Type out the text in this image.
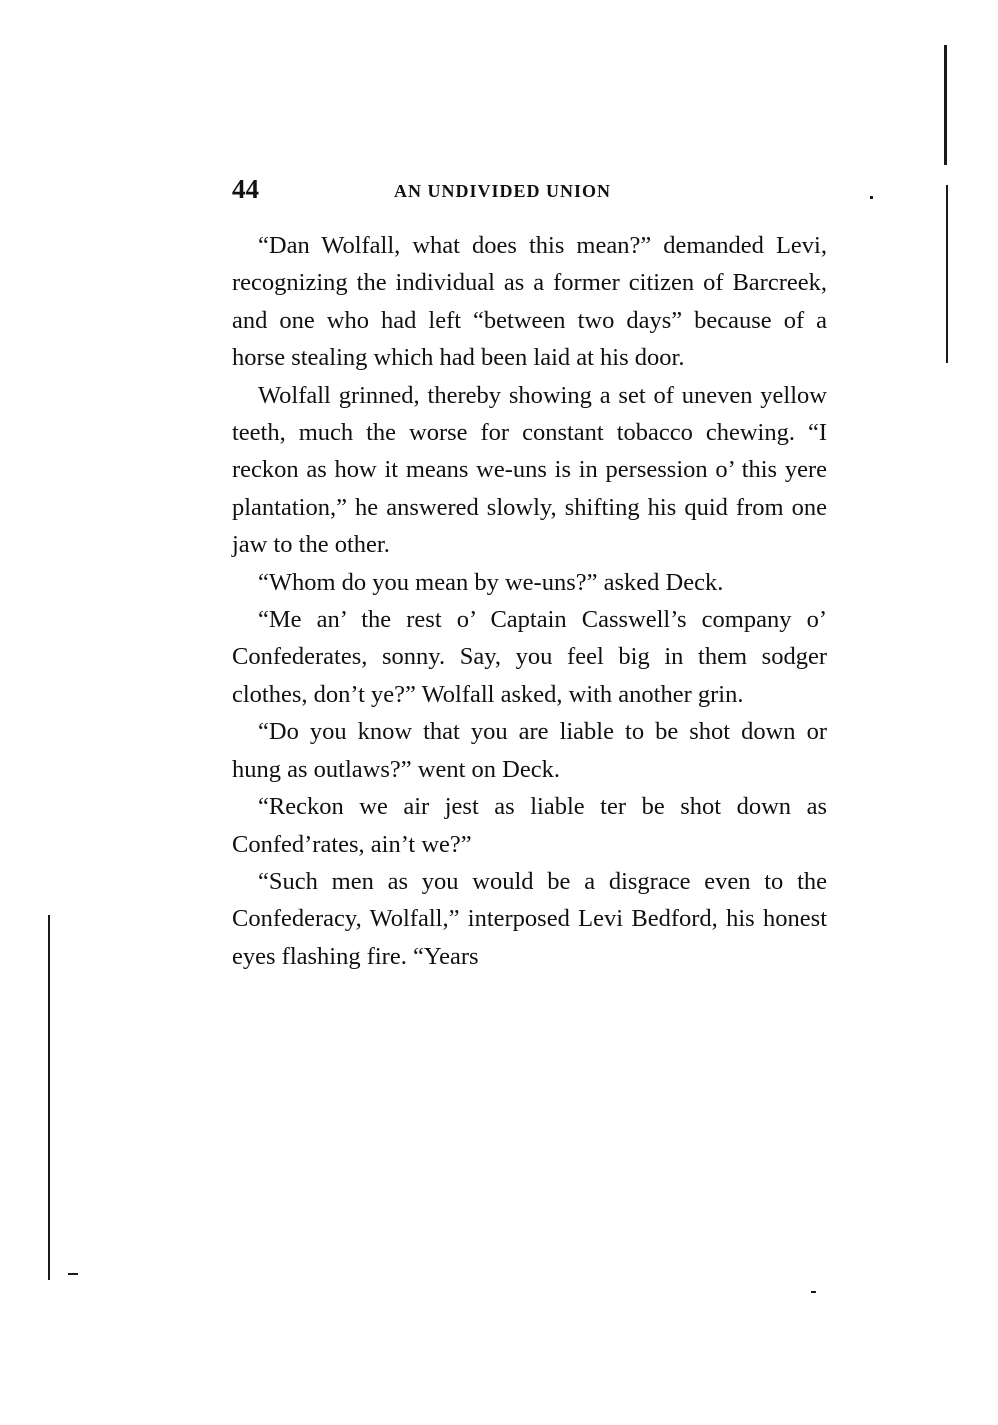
44	AN UNDIVIDED UNION

“Dan Wolfall, what does this mean?” demanded Levi, recognizing the individual as a former citizen of Barcreek, and one who had left “between two days” because of a horse stealing which had been laid at his door.

Wolfall grinned, thereby showing a set of uneven yellow teeth, much the worse for constant tobacco chewing. “I reckon as how it means we-uns is in persession o’ this yere plantation,” he answered slowly, shifting his quid from one jaw to the other.

“Whom do you mean by we-uns?” asked Deck.

“Me an’ the rest o’ Captain Casswell’s company o’ Confederates, sonny. Say, you feel big in them sodger clothes, don’t ye?” Wolfall asked, with another grin.

“Do you know that you are liable to be shot down or hung as outlaws?” went on Deck.

“Reckon we air jest as liable ter be shot down as Confed’rates, ain’t we?”

“Such men as you would be a disgrace even to the Confederacy, Wolfall,” interposed Levi Bedford, his honest eyes flashing fire. “Years
